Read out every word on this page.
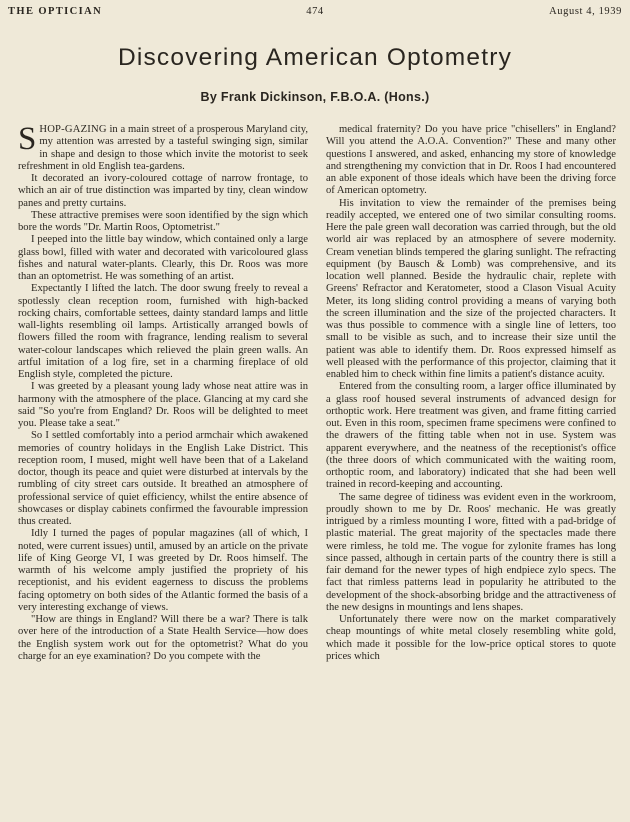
THE OPTICIAN	474	August 4, 1939
Discovering American Optometry
By Frank Dickinson, F.B.O.A. (Hons.)

SHOP-GAZING in a main street of a prosperous Maryland city, my attention was arrested by a tasteful swinging sign, similar in shape and design to those which invite the motorist to seek refreshment in old English tea-gardens.

It decorated an ivory-coloured cottage of narrow frontage, to which an air of true distinction was imparted by tiny, clean window panes and pretty curtains.

These attractive premises were soon identified by the sign which bore the words "Dr. Martin Roos, Optometrist."

I peeped into the little bay window, which contained only a large glass bowl, filled with water and decorated with varicoloured glass fishes and natural water-plants. Clearly, this Dr. Roos was more than an optometrist. He was something of an artist.

Expectantly I lifted the latch. The door swung freely to reveal a spotlessly clean reception room, furnished with high-backed rocking chairs, comfortable settees, dainty standard lamps and little wall-lights resembling oil lamps. Artistically arranged bowls of flowers filled the room with fragrance, lending realism to several water-colour landscapes which relieved the plain green walls. An artful imitation of a log fire, set in a charming fireplace of old English style, completed the picture.

I was greeted by a pleasant young lady whose neat attire was in harmony with the atmosphere of the place. Glancing at my card she said "So you're from England? Dr. Roos will be delighted to meet you. Please take a seat."

So I settled comfortably into a period armchair which awakened memories of country holidays in the English Lake District. This reception room, I mused, might well have been that of a Lakeland doctor, though its peace and quiet were disturbed at intervals by the rumbling of city street cars outside. It breathed an atmosphere of professional service of quiet efficiency, whilst the entire absence of showcases or display cabinets confirmed the favourable impression thus created.

Idly I turned the pages of popular magazines (all of which, I noted, were current issues) until, amused by an article on the private life of King George VI, I was greeted by Dr. Roos himself. The warmth of his welcome amply justified the propriety of his receptionist, and his evident eagerness to discuss the problems facing optometry on both sides of the Atlantic formed the basis of a very interesting exchange of views.

"How are things in England? Will there be a war? There is talk over here of the introduction of a State Health Service—how does the English system work out for the optometrist? What do you charge for an eye examination? Do you compete with the

medical fraternity? Do you have price "chisellers" in England? Will you attend the A.O.A. Convention?" These and many other questions I answered, and asked, enhancing my store of knowledge and strengthening my conviction that in Dr. Roos I had encountered an able exponent of those ideals which have been the driving force of American optometry.

His invitation to view the remainder of the premises being readily accepted, we entered one of two similar consulting rooms. Here the pale green wall decoration was carried through, but the old world air was replaced by an atmosphere of severe modernity. Cream venetian blinds tempered the glaring sunlight. The refracting equipment (by Bausch & Lomb) was comprehensive, and its location well planned. Beside the hydraulic chair, replete with Greens' Refractor and Keratometer, stood a Clason Visual Acuity Meter, its long sliding control providing a means of varying both the screen illumination and the size of the projected characters. It was thus possible to commence with a single line of letters, too small to be visible as such, and to increase their size until the patient was able to identify them. Dr. Roos expressed himself as well pleased with the performance of this projector, claiming that it enabled him to check within fine limits a patient's distance acuity.

Entered from the consulting room, a larger office illuminated by a glass roof housed several instruments of advanced design for orthoptic work. Here treatment was given, and frame fitting carried out. Even in this room, specimen frame specimens were confined to the drawers of the fitting table when not in use. System was apparent everywhere, and the neatness of the receptionist's office (the three doors of which communicated with the waiting room, orthoptic room, and laboratory) indicated that she had been well trained in record-keeping and accounting.

The same degree of tidiness was evident even in the workroom, proudly shown to me by Dr. Roos' mechanic. He was greatly intrigued by a rimless mounting I wore, fitted with a pad-bridge of plastic material. The great majority of the spectacles made there were rimless, he told me. The vogue for zylonite frames has long since passed, although in certain parts of the country there is still a fair demand for the newer types of high endpiece zylo specs. The fact that rimless patterns lead in popularity he attributed to the development of the shock-absorbing bridge and the attractiveness of the new designs in mountings and lens shapes.

Unfortunately there were now on the market comparatively cheap mountings of white metal closely resembling white gold, which made it possible for the low-price optical stores to quote prices which
